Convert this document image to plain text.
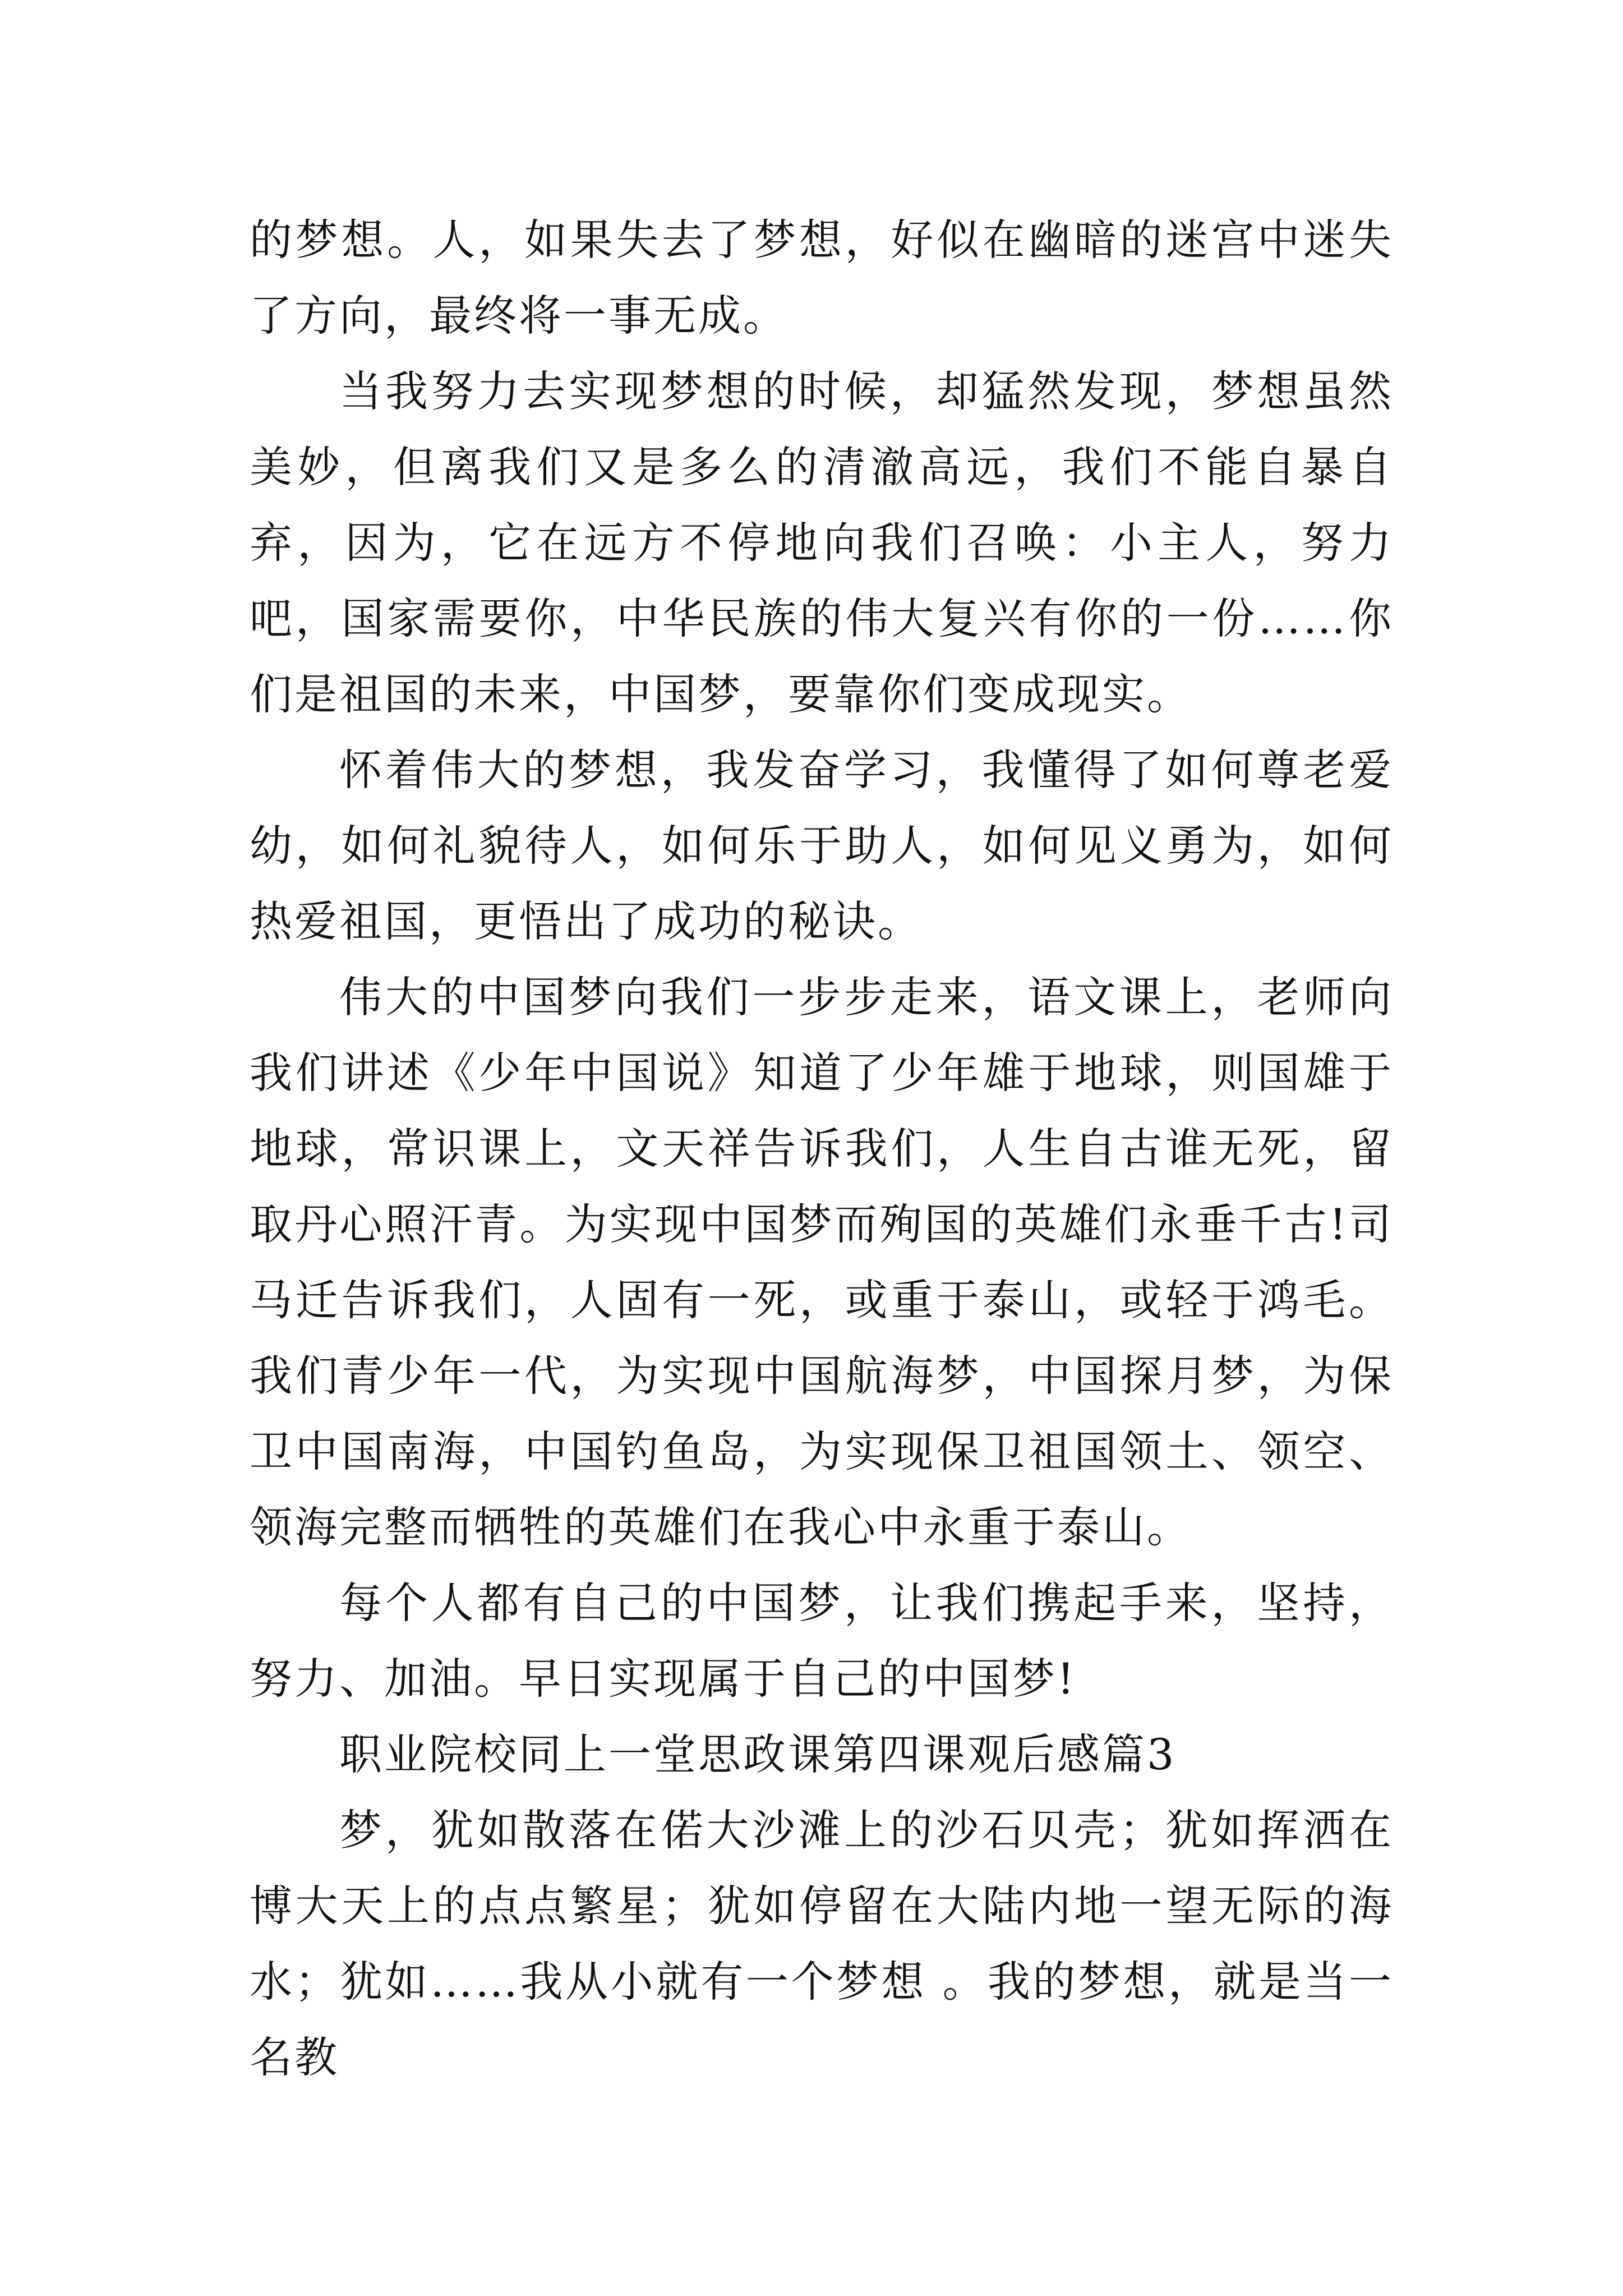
的梦想。人，如果失去了梦想，好似在幽暗的迷宫中迷失了方向，最终将一事无成。

当我努力去实现梦想的时候，却猛然发现，梦想虽然美妙，但离我们又是多么的清澈高远，我们不能自暴自弃，因为，它在远方不停地向我们召唤：小主人，努力吧，国家需要你，中华民族的伟大复兴有你的一份……你们是祖国的未来，中国梦，要靠你们变成现实。

怀着伟大的梦想，我发奋学习，我懂得了如何尊老爱幼，如何礼貌待人，如何乐于助人，如何见义勇为，如何热爱祖国，更悟出了成功的秘诀。

伟大的中国梦向我们一步步走来，语文课上，老师向我们讲述《少年中国说》知道了少年雄于地球，则国雄于地球，常识课上，文天祥告诉我们，人生自古谁无死，留取丹心照汗青。为实现中国梦而殉国的英雄们永垂千古!司马迁告诉我们，人固有一死，或重于泰山，或轻于鸿毛。我们青少年一代，为实现中国航海梦，中国探月梦，为保卫中国南海，中国钓鱼岛，为实现保卫祖国领土、领空、领海完整而牺牲的英雄们在我心中永重于泰山。

每个人都有自己的中国梦，让我们携起手来，坚持，努力、加油。早日实现属于自己的中国梦!

职业院校同上一堂思政课第四课观后感篇3

梦，犹如散落在偌大沙滩上的沙石贝壳；犹如挥洒在博大天上的点点繁星；犹如停留在大陆内地一望无际的海水；犹如……我从小就有一个梦想 。我的梦想，就是当一名教
